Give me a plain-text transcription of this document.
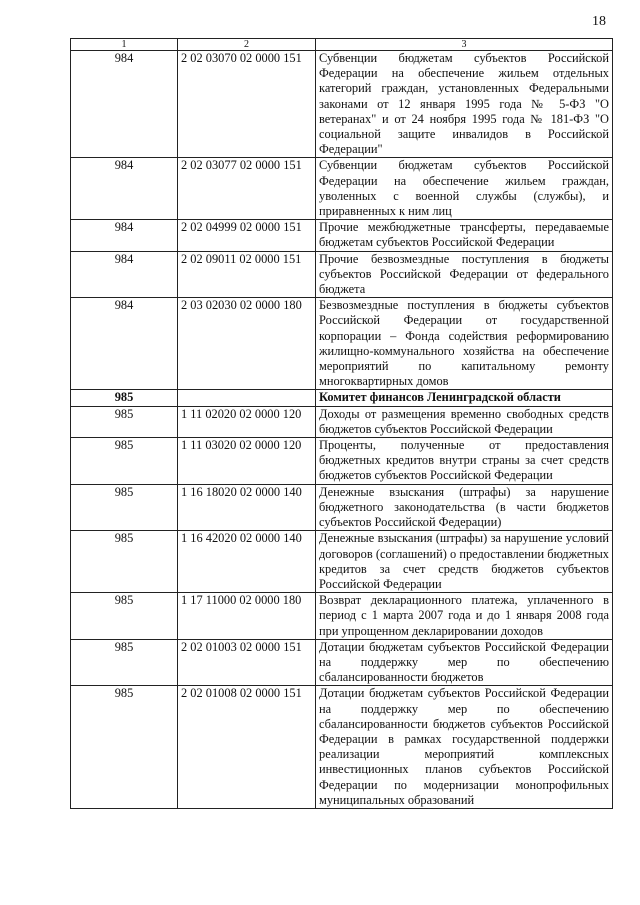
18
1	2	3
984	2 02 03070 02 0000 151	Субвенции бюджетам субъектов Российской Федерации на обеспечение жильем отдельных категорий граждан, установленных Федеральными законами от 12 января 1995 года № 5-ФЗ "О ветеранах" и от 24 ноября 1995 года № 181-ФЗ "О социальной защите инвалидов в Российской Федерации"
984	2 02 03077 02 0000 151	Субвенции бюджетам субъектов Российской Федерации на обеспечение жильем граждан, уволенных с военной службы (службы), и приравненных к ним лиц
984	2 02 04999 02 0000 151	Прочие межбюджетные трансферты, передаваемые бюджетам субъектов Российской Федерации
984	2 02 09011 02 0000 151	Прочие безвозмездные поступления в бюджеты субъектов Российской Федерации от федерального бюджета
984	2 03 02030 02 0000 180	Безвозмездные поступления в бюджеты субъектов Российской Федерации от государственной корпорации – Фонда содействия реформированию жилищно-коммунального хозяйства на обеспечение мероприятий по капитальному ремонту многоквартирных домов
985		Комитет финансов Ленинградской области
985	1 11 02020 02 0000 120	Доходы от размещения временно свободных средств бюджетов субъектов Российской Федерации
985	1 11 03020 02 0000 120	Проценты, полученные от предоставления бюджетных кредитов внутри страны за счет средств бюджетов субъектов Российской Федерации
985	1 16 18020 02 0000 140	Денежные взыскания (штрафы) за нарушение бюджетного законодательства (в части бюджетов субъектов Российской Федерации)
985	1 16 42020 02 0000 140	Денежные взыскания (штрафы) за нарушение условий договоров (соглашений) о предоставлении бюджетных кредитов за счет средств бюджетов субъектов Российской Федерации
985	1 17 11000 02 0000 180	Возврат декларационного платежа, уплаченного в период с 1 марта 2007 года и до 1 января 2008 года при упрощенном декларировании доходов
985	2 02 01003 02 0000 151	Дотации бюджетам субъектов Российской Федерации на поддержку мер по обеспечению сбалансированности бюджетов
985	2 02 01008 02 0000 151	Дотации бюджетам субъектов Российской Федерации на поддержку мер по обеспечению сбалансированности бюджетов субъектов Российской Федерации в рамках государственной поддержки реализации мероприятий комплексных инвестиционных планов субъектов Российской Федерации по модернизации монопрофильных муниципальных образований
